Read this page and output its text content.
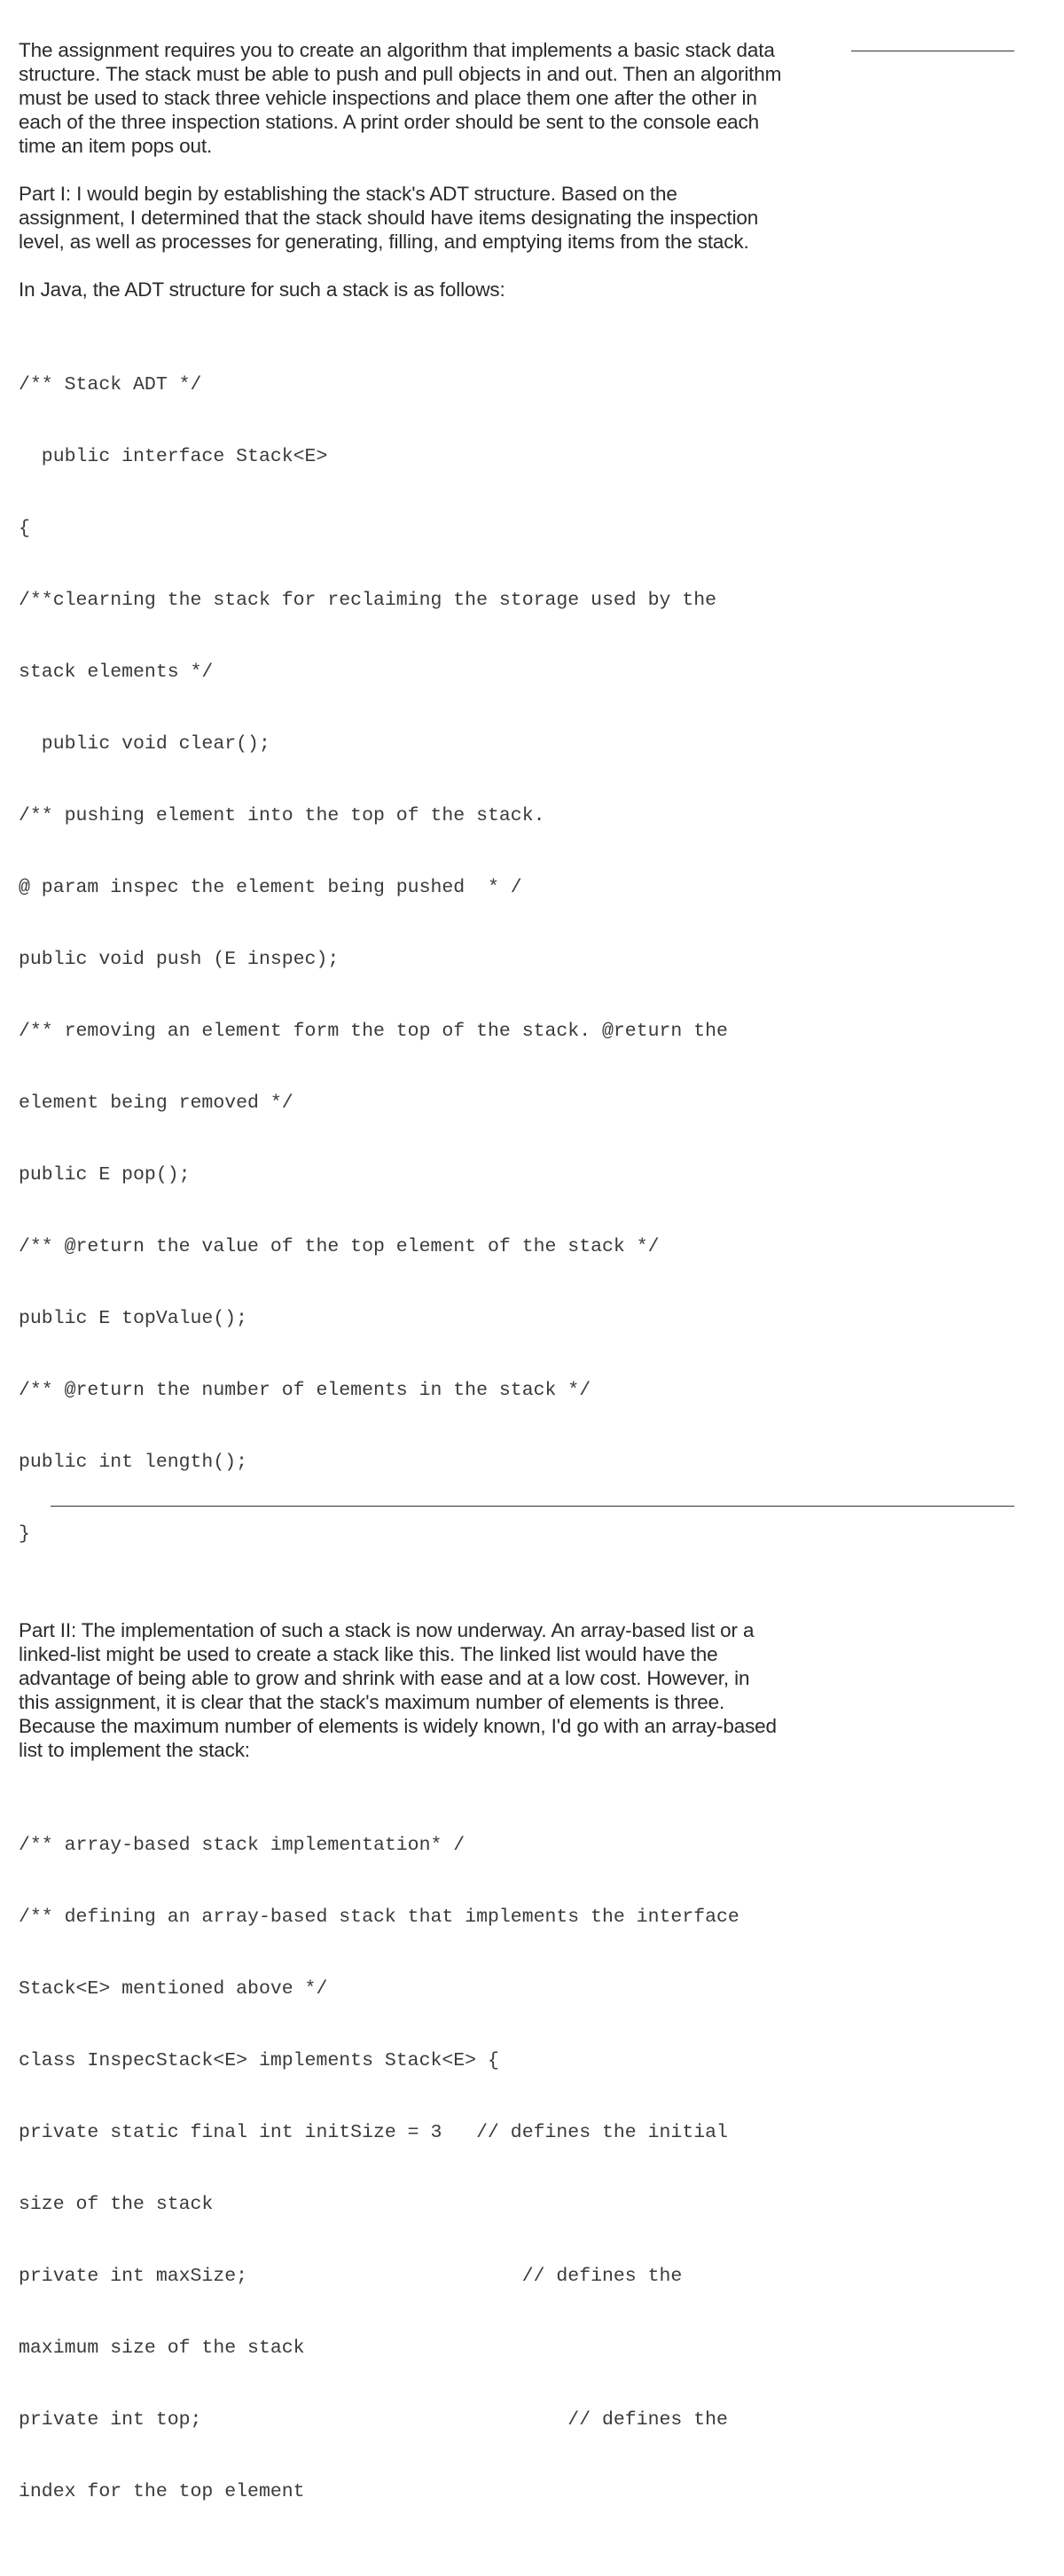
The assignment requires you to create an algorithm that implements a basic stack data
structure. The stack must be able to push and pull objects in and out. Then an algorithm
must be used to stack three vehicle inspections and place them one after the other in
each of the three inspection stations. A print order should be sent to the console each
time an item pops out.

Part I: I would begin by establishing the stack's ADT structure. Based on the
assignment, I determined that the stack should have items designating the inspection
level, as well as processes for generating, filling, and emptying items from the stack.

In Java, the ADT structure for such a stack is as follows:

/** Stack ADT */

public interface Stack<E>

{

/**clearning the stack for reclaiming the storage used by the

stack elements */

public void clear();

/** pushing element into the top of the stack.

@ param inspec the element being pushed  * /

public void push (E inspec);

/** removing an element form the top of the stack. @return the

element being removed */

public E pop();

/** @return the value of the top element of the stack */

public E topValue();

/** @return the number of elements in the stack */

public int length();

}

Part II: The implementation of such a stack is now underway. An array-based list or a
linked-list might be used to create a stack like this. The linked list would have the
advantage of being able to grow and shrink with ease and at a low cost. However, in
this assignment, it is clear that the stack's maximum number of elements is three.
Because the maximum number of elements is widely known, I'd go with an array-based
list to implement the stack:

/** array-based stack implementation* /

/** defining an array-based stack that implements the interface

Stack<E> mentioned above */

class InspecStack<E> implements Stack<E> {

private static final int initSize = 3   // defines the initial

size of the stack

private int maxSize;                        // defines the

maximum size of the stack

private int top;                                // defines the

index for the top element
